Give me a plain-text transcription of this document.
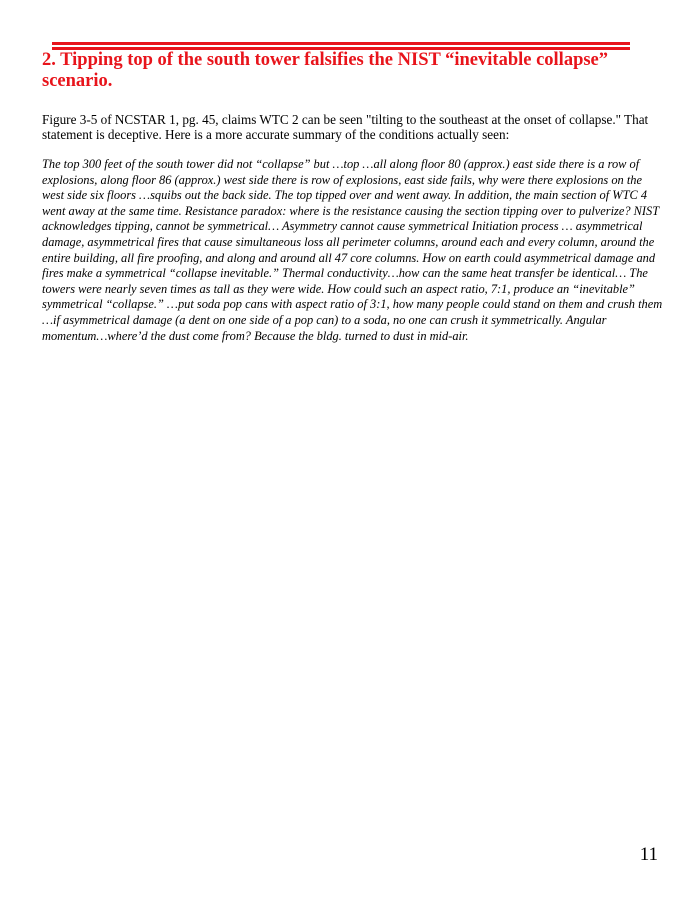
2. Tipping top of the south tower falsifies the NIST “inevitable collapse” scenario.

Figure 3-5 of NCSTAR 1, pg. 45, claims WTC 2 can be seen "tilting to the southeast at the onset of collapse." That statement is deceptive. Here is a more accurate summary of the conditions actually seen:

The top 300 feet of the south tower did not “collapse” but …top …all along floor 80 (approx.) east side there is a row of explosions, along floor 86 (approx.) west side there is row of explosions, east side fails, why were there explosions on the west side six floors …squibs out the back side. The top tipped over and went away. In addition, the main section of WTC 4 went away at the same time. Resistance paradox: where is the resistance causing the section tipping over to pulverize? NIST acknowledges tipping, cannot be symmetrical… Asymmetry cannot cause symmetrical Initiation process … asymmetrical damage, asymmetrical fires that cause simultaneous loss all perimeter columns, around each and every column, around the entire building, all fire proofing, and along and around all 47 core columns. How on earth could asymmetrical damage and fires make a symmetrical “collapse inevitable.” Thermal conductivity…how can the same heat transfer be identical… The towers were nearly seven times as tall as they were wide. How could such an aspect ratio, 7:1, produce an “inevitable” symmetrical “collapse.” …put soda pop cans with aspect ratio of 3:1, how many people could stand on them and crush them …if asymmetrical damage (a dent on one side of a pop can) to a soda, no one can crush it symmetrically. Angular momentum…where’d the dust come from? Because the bldg. turned to dust in mid-air.

11
